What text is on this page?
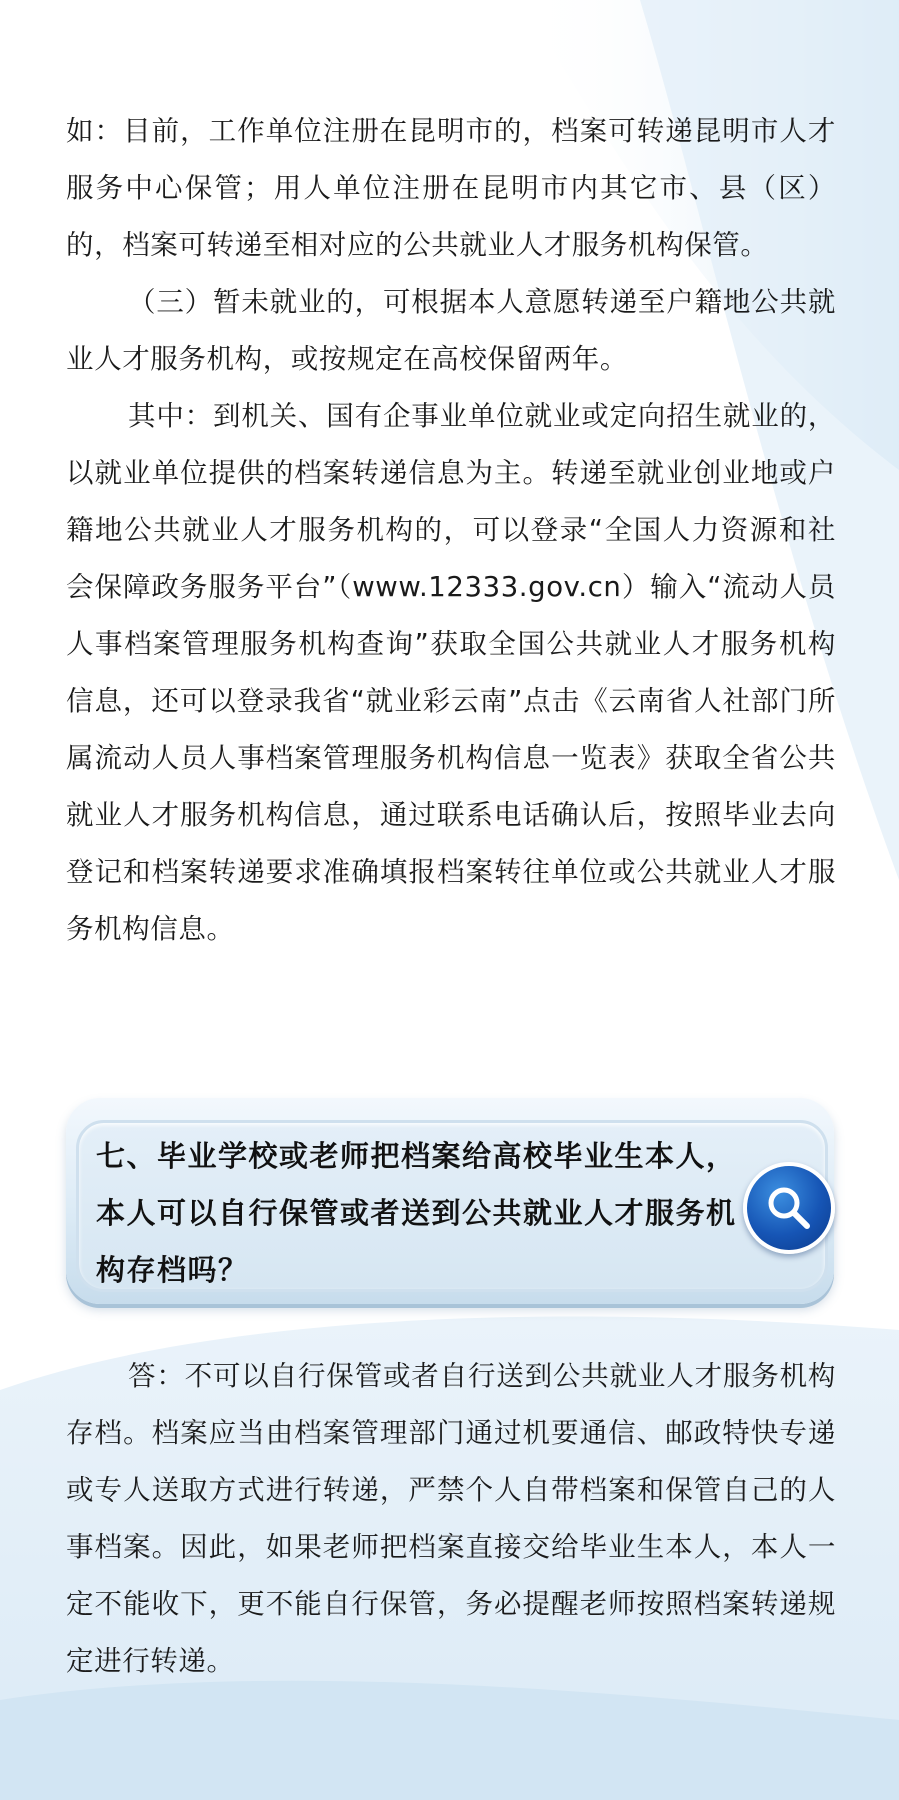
如：目前，工作单位注册在昆明市的，档案可转递昆明市人才服务中心保管；用人单位注册在昆明市内其它市、县（区）的，档案可转递至相对应的公共就业人才服务机构保管。

（三）暂未就业的，可根据本人意愿转递至户籍地公共就业人才服务机构，或按规定在高校保留两年。

其中：到机关、国有企事业单位就业或定向招生就业的，以就业单位提供的档案转递信息为主。转递至就业创业地或户籍地公共就业人才服务机构的，可以登录“全国人力资源和社会保障政务服务平台”（www.12333.gov.cn）输入“流动人员人事档案管理服务机构查询”获取全国公共就业人才服务机构信息，还可以登录我省“就业彩云南”点击《云南省人社部门所属流动人员人事档案管理服务机构信息一览表》获取全省公共就业人才服务机构信息，通过联系电话确认后，按照毕业去向登记和档案转递要求准确填报档案转往单位或公共就业人才服务机构信息。

七、毕业学校或老师把档案给高校毕业生本人，本人可以自行保管或者送到公共就业人才服务机构存档吗？

答：不可以自行保管或者自行送到公共就业人才服务机构存档。档案应当由档案管理部门通过机要通信、邮政特快专递或专人送取方式进行转递，严禁个人自带档案和保管自己的人事档案。因此，如果老师把档案直接交给毕业生本人，本人一定不能收下，更不能自行保管，务必提醒老师按照档案转递规定进行转递。
